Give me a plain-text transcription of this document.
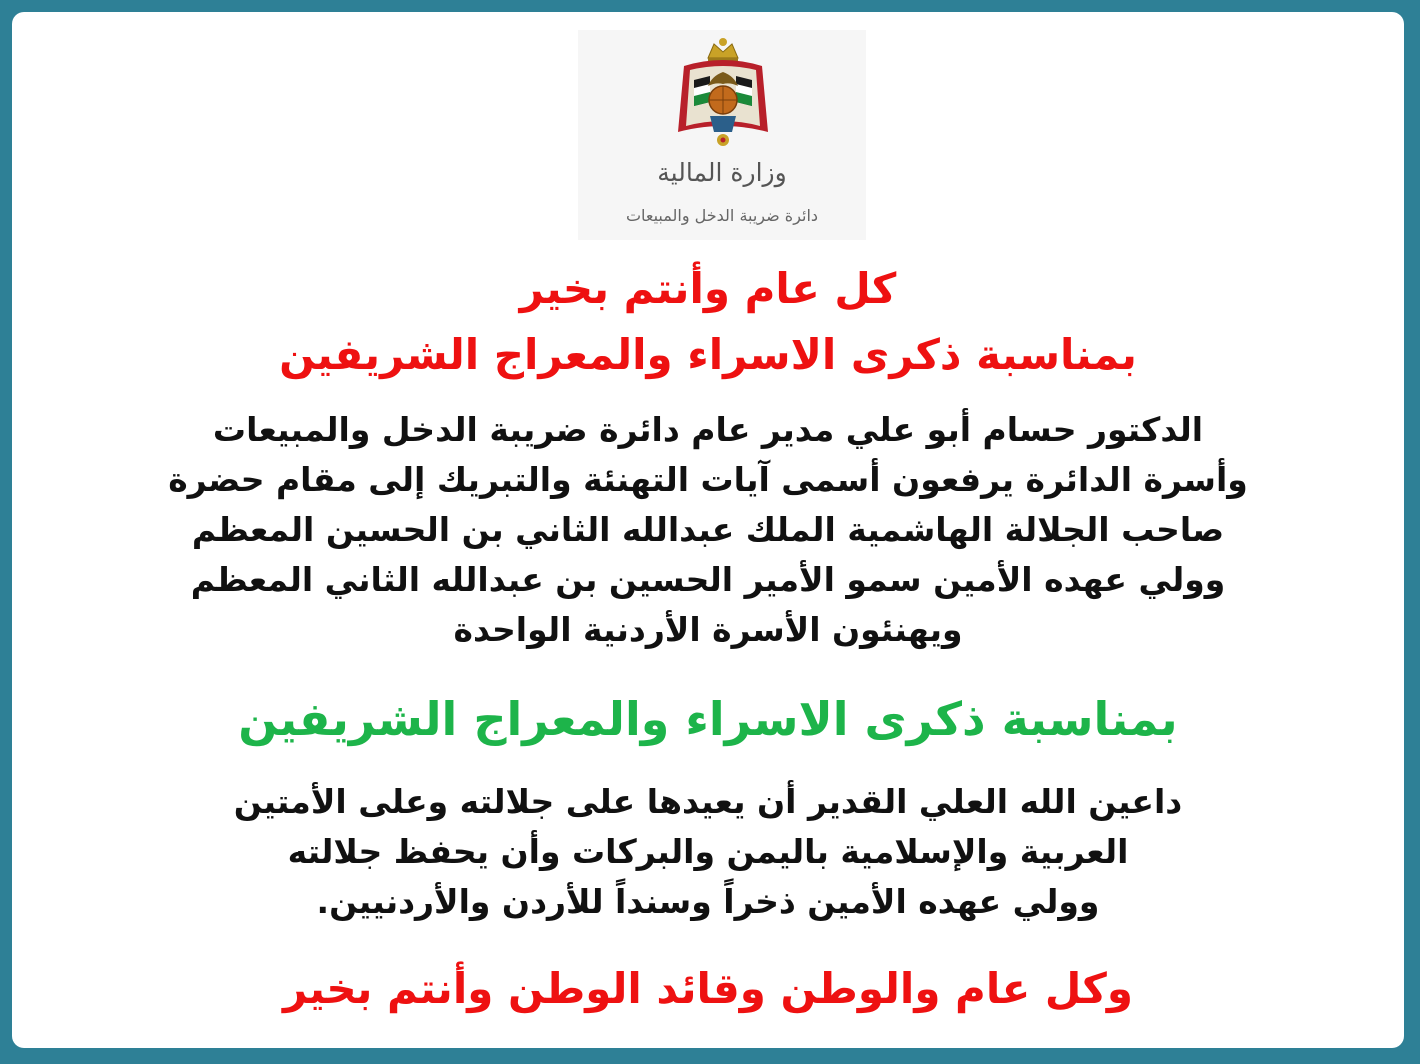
وزارة المالية
دائرة ضريبة الدخل والمبيعات

كل عام وأنتم بخير

بمناسبة ذكرى الاسراء والمعراج الشريفين

الدكتور حسام أبو علي مدير عام دائرة ضريبة الدخل والمبيعات

وأسرة الدائرة يرفعون أسمى آيات التهنئة والتبريك إلى مقام حضرة

صاحب الجلالة الهاشمية الملك عبدالله الثاني بن الحسين المعظم

وولي عهده الأمين سمو الأمير الحسين بن عبدالله الثاني المعظم

ويهنئون الأسرة الأردنية الواحدة

بمناسبة ذكرى الاسراء والمعراج الشريفين

داعين الله العلي القدير أن يعيدها على جلالته وعلى الأمتين

العربية والإسلامية باليمن والبركات وأن يحفظ جلالته

وولي عهده الأمين ذخراً وسنداً للأردن والأردنيين.

وكل عام والوطن وقائد الوطن وأنتم بخير
